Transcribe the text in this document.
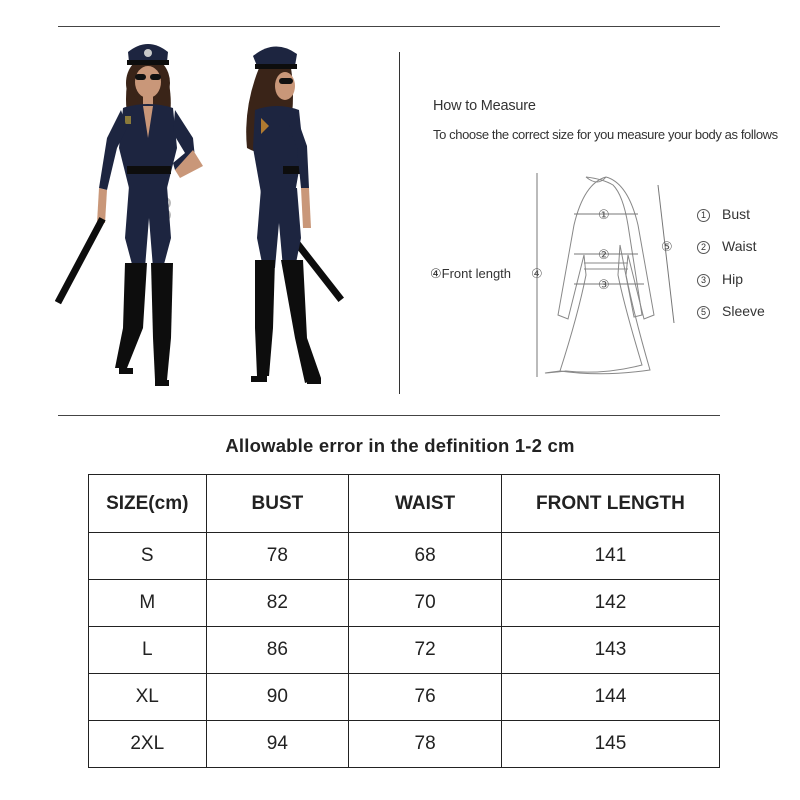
How to Measure
To choose the correct size for you measure your body as follows
①
②
③
④
⑤
④Front length
1 Bust
2 Waist
3 Hip
5 Sleeve
Allowable error in the definition 1-2 cm
SIZE(cm)	BUST	WAIST	FRONT LENGTH
S	78	68	141
M	82	70	142
L	86	72	143
XL	90	76	144
2XL	94	78	145
